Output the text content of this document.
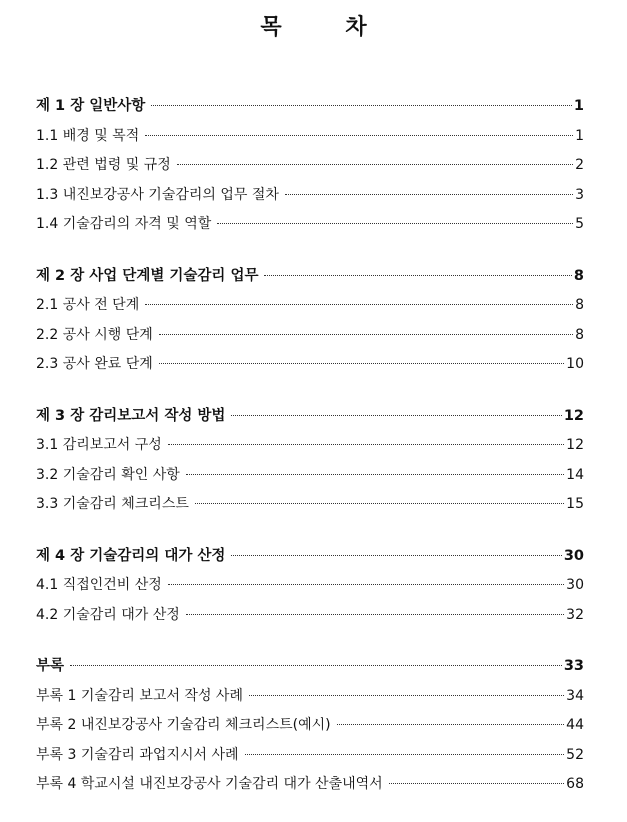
목 차
제 1 장 일반사항	1
1.1 배경 및 목적	1
1.2 관련 법령 및 규정	2
1.3 내진보강공사 기술감리의 업무 절차	3
1.4 기술감리의 자격 및 역할	5
제 2 장 사업 단계별 기술감리 업무	8
2.1 공사 전 단계	8
2.2 공사 시행 단계	8
2.3 공사 완료 단계	10
제 3 장 감리보고서 작성 방법	12
3.1 감리보고서 구성	12
3.2 기술감리 확인 사항	14
3.3 기술감리 체크리스트	15
제 4 장 기술감리의 대가 산정	30
4.1 직접인건비 산정	30
4.2 기술감리 대가 산정	32
부록	33
부록 1 기술감리 보고서 작성 사례	34
부록 2 내진보강공사 기술감리 체크리스트(예시)	44
부록 3 기술감리 과업지시서 사례	52
부록 4 학교시설 내진보강공사 기술감리 대가 산출내역서	68
